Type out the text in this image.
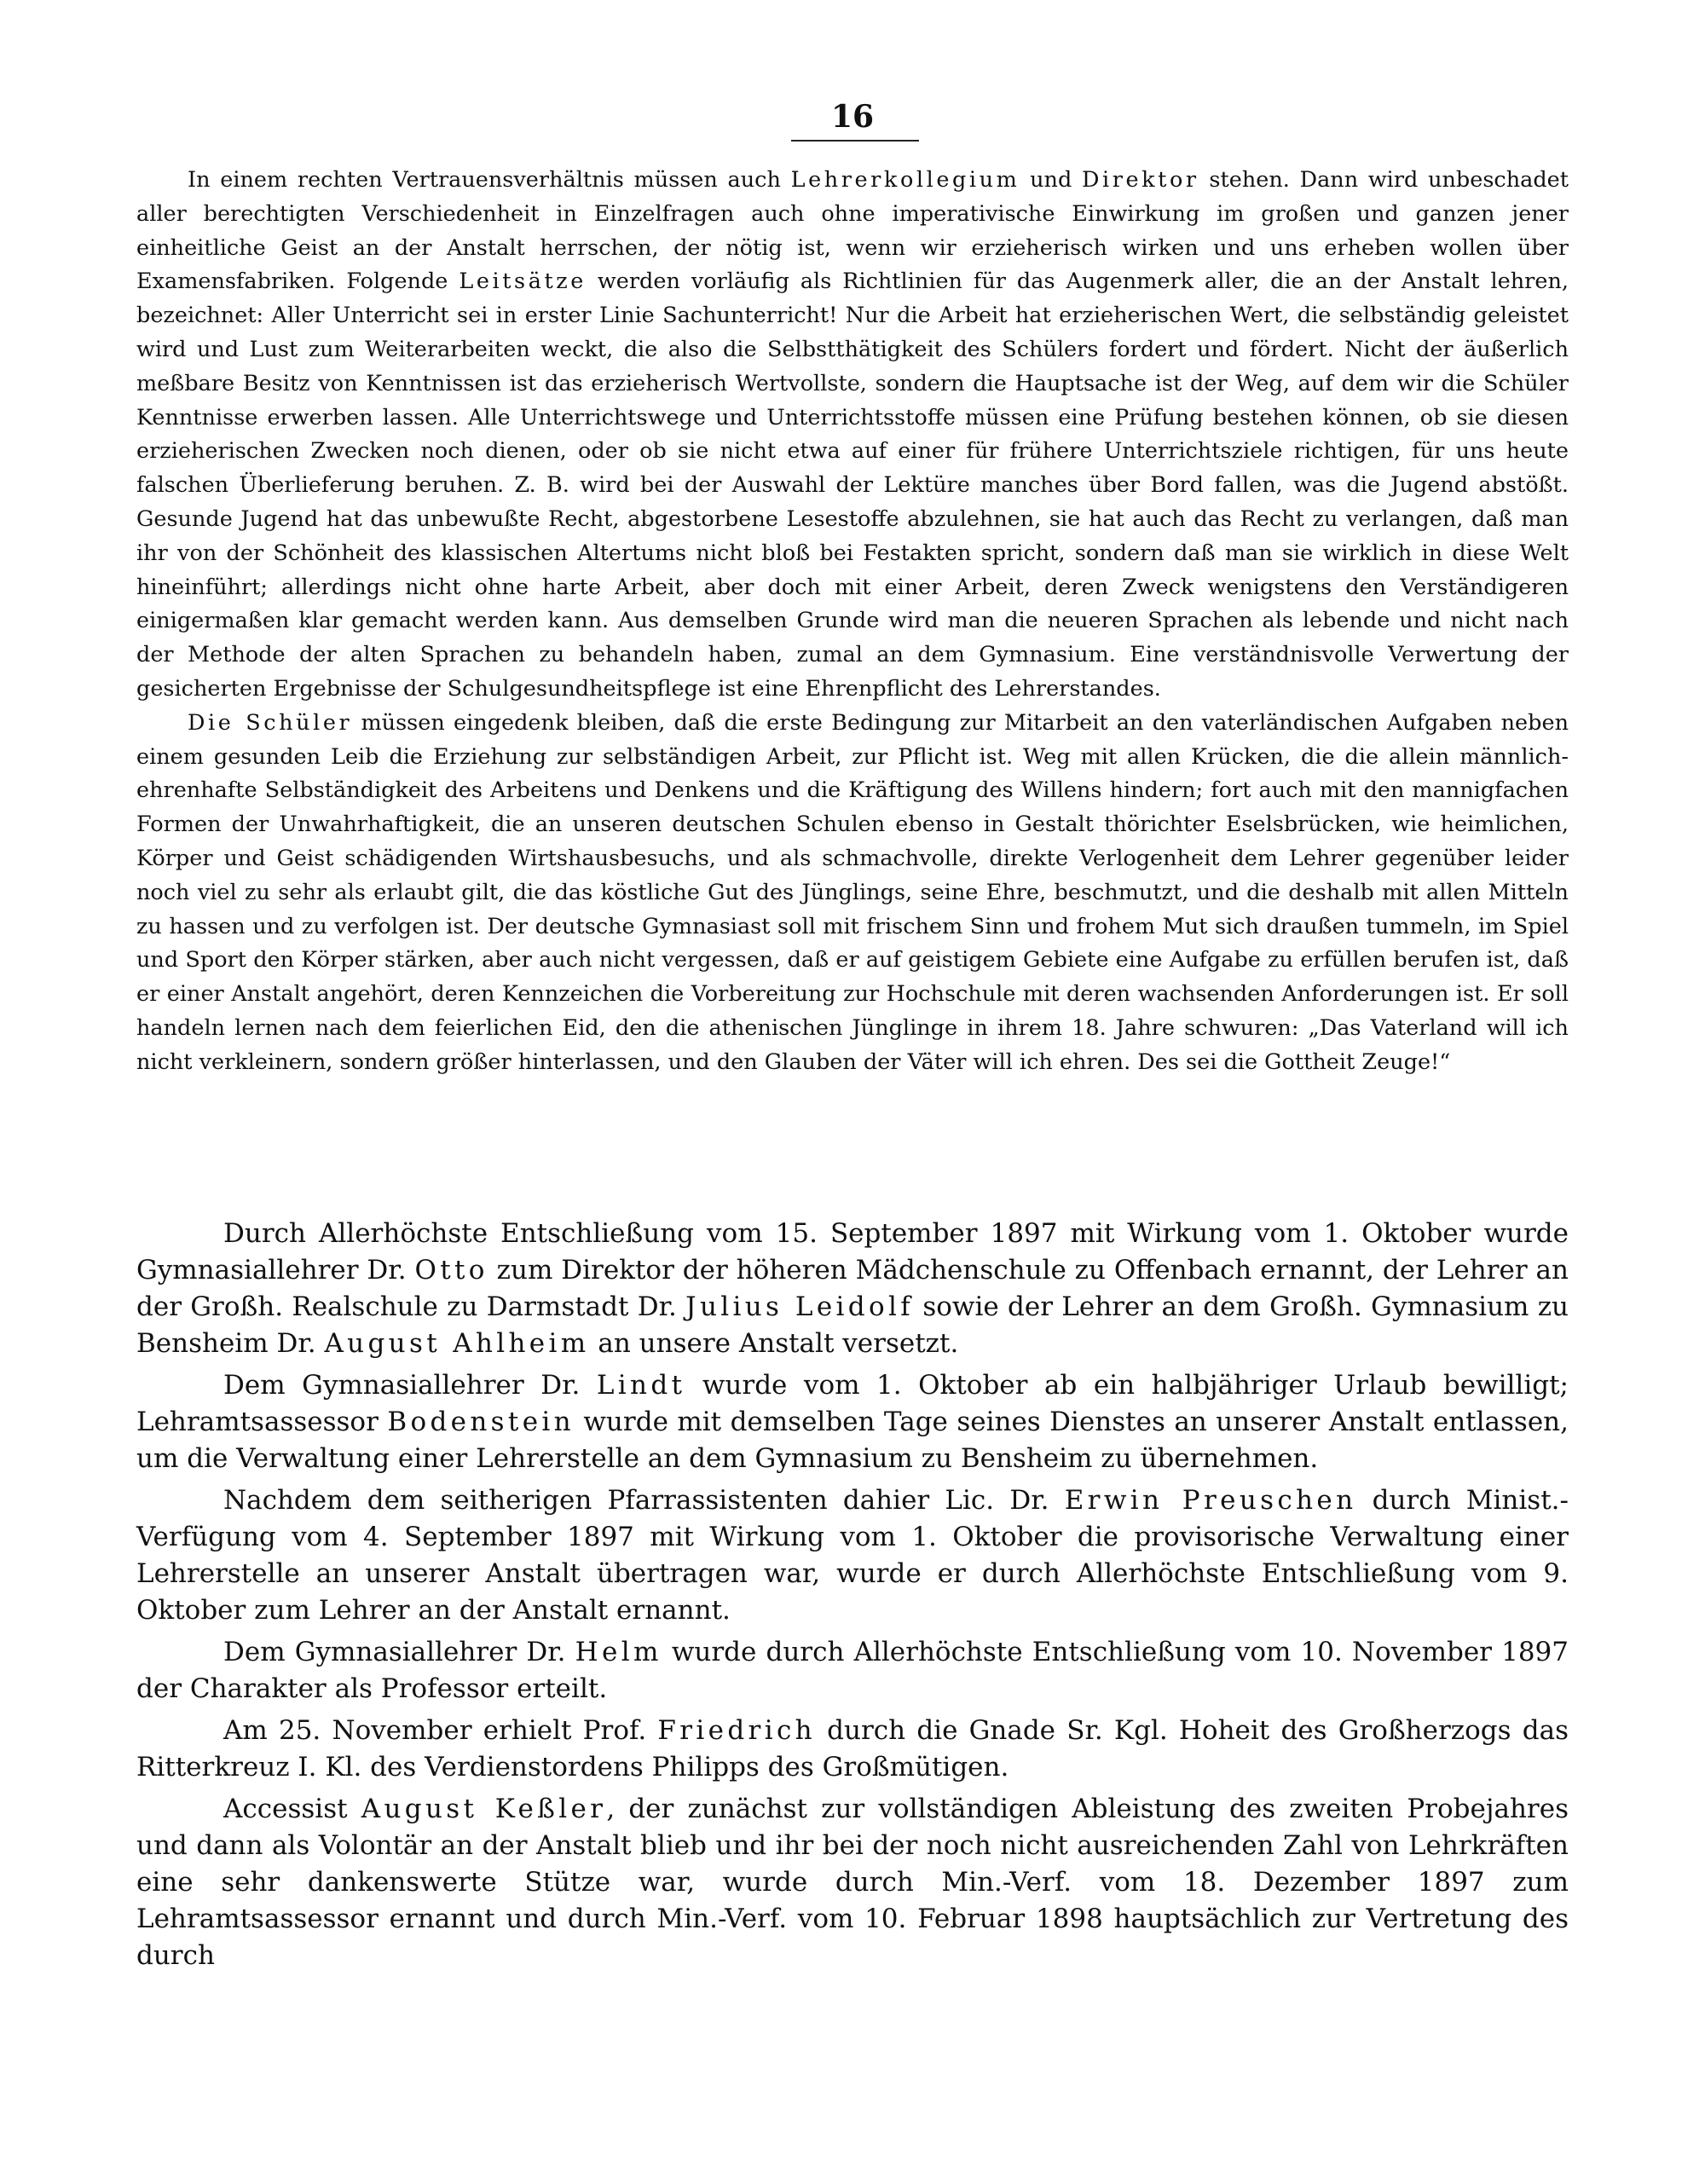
16

In einem rechten Vertrauensverhältnis müssen auch Lehrerkollegium und Direktor stehen. Dann wird unbeschadet aller berechtigten Verschiedenheit in Einzelfragen auch ohne imperativische Einwirkung im großen und ganzen jener einheitliche Geist an der Anstalt herrschen, der nötig ist, wenn wir erzieherisch wirken und uns erheben wollen über Examensfabriken. Folgende Leitsätze werden vorläufig als Richtlinien für das Augenmerk aller, die an der Anstalt lehren, bezeichnet: Aller Unterricht sei in erster Linie Sachunterricht! Nur die Arbeit hat erzieherischen Wert, die selbständig geleistet wird und Lust zum Weiterarbeiten weckt, die also die Selbstthätigkeit des Schülers fordert und fördert. Nicht der äußerlich meßbare Besitz von Kenntnissen ist das erzieherisch Wertvollste, sondern die Hauptsache ist der Weg, auf dem wir die Schüler Kenntnisse erwerben lassen. Alle Unterrichtswege und Unterrichtsstoffe müssen eine Prüfung bestehen können, ob sie diesen erzieherischen Zwecken noch dienen, oder ob sie nicht etwa auf einer für frühere Unterrichtsziele richtigen, für uns heute falschen Überlieferung beruhen. Z. B. wird bei der Auswahl der Lektüre manches über Bord fallen, was die Jugend abstößt. Gesunde Jugend hat das unbewußte Recht, abgestorbene Lesestoffe abzulehnen, sie hat auch das Recht zu verlangen, daß man ihr von der Schönheit des klassischen Altertums nicht bloß bei Festakten spricht, sondern daß man sie wirklich in diese Welt hineinführt; allerdings nicht ohne harte Arbeit, aber doch mit einer Arbeit, deren Zweck wenigstens den Verständigeren einigermaßen klar gemacht werden kann. Aus demselben Grunde wird man die neueren Sprachen als lebende und nicht nach der Methode der alten Sprachen zu behandeln haben, zumal an dem Gymnasium. Eine verständnisvolle Verwertung der gesicherten Ergebnisse der Schulgesundheitspflege ist eine Ehrenpflicht des Lehrerstandes.

Die Schüler müssen eingedenk bleiben, daß die erste Bedingung zur Mitarbeit an den vaterländischen Aufgaben neben einem gesunden Leib die Erziehung zur selbständigen Arbeit, zur Pflicht ist. Weg mit allen Krücken, die die allein männlich-ehrenhafte Selbständigkeit des Arbeitens und Denkens und die Kräftigung des Willens hindern; fort auch mit den mannigfachen Formen der Unwahrhaftigkeit, die an unseren deutschen Schulen ebenso in Gestalt thörichter Eselsbrücken, wie heimlichen, Körper und Geist schädigenden Wirtshausbesuchs, und als schmachvolle, direkte Verlogenheit dem Lehrer gegenüber leider noch viel zu sehr als erlaubt gilt, die das köstliche Gut des Jünglings, seine Ehre, beschmutzt, und die deshalb mit allen Mitteln zu hassen und zu verfolgen ist. Der deutsche Gymnasiast soll mit frischem Sinn und frohem Mut sich draußen tummeln, im Spiel und Sport den Körper stärken, aber auch nicht vergessen, daß er auf geistigem Gebiete eine Aufgabe zu erfüllen berufen ist, daß er einer Anstalt angehört, deren Kennzeichen die Vorbereitung zur Hochschule mit deren wachsenden Anforderungen ist. Er soll handeln lernen nach dem feierlichen Eid, den die athenischen Jünglinge in ihrem 18. Jahre schwuren: „Das Vaterland will ich nicht verkleinern, sondern größer hinterlassen, und den Glauben der Väter will ich ehren. Des sei die Gottheit Zeuge!“

Durch Allerhöchste Entschließung vom 15. September 1897 mit Wirkung vom 1. Oktober wurde Gymnasiallehrer Dr. Otto zum Direktor der höheren Mädchenschule zu Offenbach ernannt, der Lehrer an der Großh. Realschule zu Darmstadt Dr. Julius Leidolf sowie der Lehrer an dem Großh. Gymnasium zu Bensheim Dr. August Ahlheim an unsere Anstalt versetzt.

Dem Gymnasiallehrer Dr. Lindt wurde vom 1. Oktober ab ein halbjähriger Urlaub bewilligt; Lehramtsassessor Bodenstein wurde mit demselben Tage seines Dienstes an unserer Anstalt entlassen, um die Verwaltung einer Lehrerstelle an dem Gymnasium zu Bensheim zu übernehmen.

Nachdem dem seitherigen Pfarrassistenten dahier Lic. Dr. Erwin Preuschen durch Minist.-Verfügung vom 4. September 1897 mit Wirkung vom 1. Oktober die provisorische Verwaltung einer Lehrerstelle an unserer Anstalt übertragen war, wurde er durch Allerhöchste Entschließung vom 9. Oktober zum Lehrer an der Anstalt ernannt.

Dem Gymnasiallehrer Dr. Helm wurde durch Allerhöchste Entschließung vom 10. November 1897 der Charakter als Professor erteilt.

Am 25. November erhielt Prof. Friedrich durch die Gnade Sr. Kgl. Hoheit des Großherzogs das Ritterkreuz I. Kl. des Verdienstordens Philipps des Großmütigen.

Accessist August Keßler, der zunächst zur vollständigen Ableistung des zweiten Probejahres und dann als Volontär an der Anstalt blieb und ihr bei der noch nicht ausreichenden Zahl von Lehrkräften eine sehr dankenswerte Stütze war, wurde durch Min.-Verf. vom 18. Dezember 1897 zum Lehramtsassessor ernannt und durch Min.-Verf. vom 10. Februar 1898 hauptsächlich zur Vertretung des durch
